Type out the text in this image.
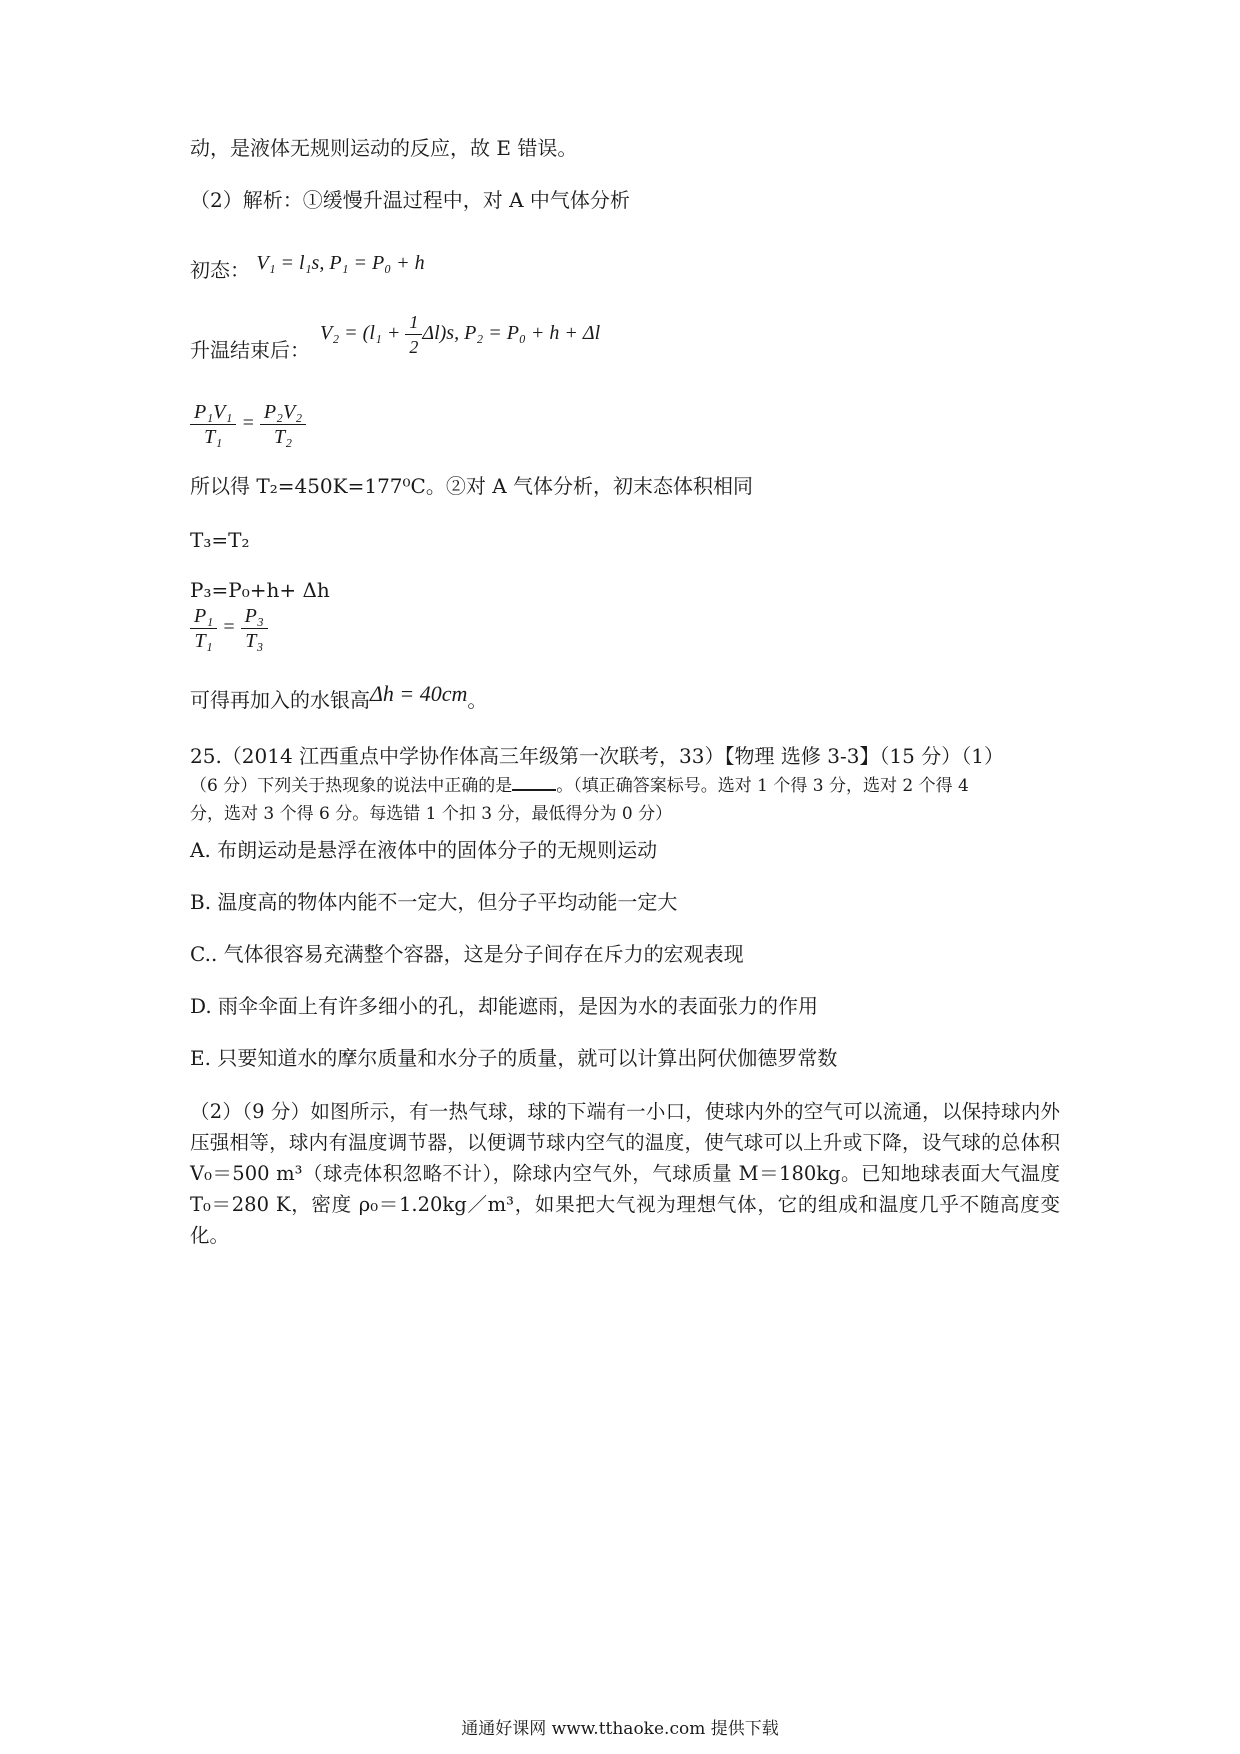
动，是液体无规则运动的反应，故 E 错误。
（2）解析：①缓慢升温过程中，对 A 中气体分析
初态： V₁ = l₁s, P₁ = P₀ + h
升温结束后：
$V_2 = (l_1 + \frac{1}{2} \Delta l)s$, P₂ = P₀ + h + Δl
$\frac{\text{P₁V₁}}{\text{T₁}} = \frac{\text{P₂V₂}}{\text{T₂}}$
所以得 T₂=450K=177⁰C。②对 A 气体分析，初末态体积相同
T₃=T₂
P₃=P₀+h+ Δh
$\frac{\text{P₁}}{\text{T₁}} = \frac{\text{P₃}}{\text{T₃}}$
可得再加入的水银高Δh = 40cm。
25.（2014 江西重点中学协作体高三年级第一次联考，33）【物理 选修 3-3】（15 分）（1）
（6 分）下列关于热现象的说法中正确的是	。（填正确答案标号。选对 1 个得 3 分，选对 2 个得 4
分，选对 3 个得 6 分。每选错 1 个扣 3 分，最低得分为 0 分）
A. 布朗运动是悬浮在液体中的固体分子的无规则运动
B. 温度高的物体内能不一定大，但分子平均动能一定大
C.. 气体很容易充满整个容器，这是分子间存在斥力的宏观表现
D. 雨伞伞面上有许多细小的孔，却能遮雨，是因为水的表面张力的作用
E. 只要知道水的摩尔质量和水分子的质量，就可以计算出阿伏伽德罗常数
（2）（9 分）如图所示，有一热气球，球的下端有一小口，使球内外的空气可以流通，以保持球内外压强相等，球内有温度调节器，以便调节球内空气的温度，使气球可以上升或下降，设气球的总体积 V₀＝500 m³（球壳体积忽略不计），除球内空气外，气球质量 M＝180kg。已知地球表面大气温度 T₀＝280 K，密度 ρ₀＝1.20kg／m³，如果把大气视为理想气体，它的组成和温度几乎不随高度变化。
通通好课网 www.tthaoke.com 提供下载
